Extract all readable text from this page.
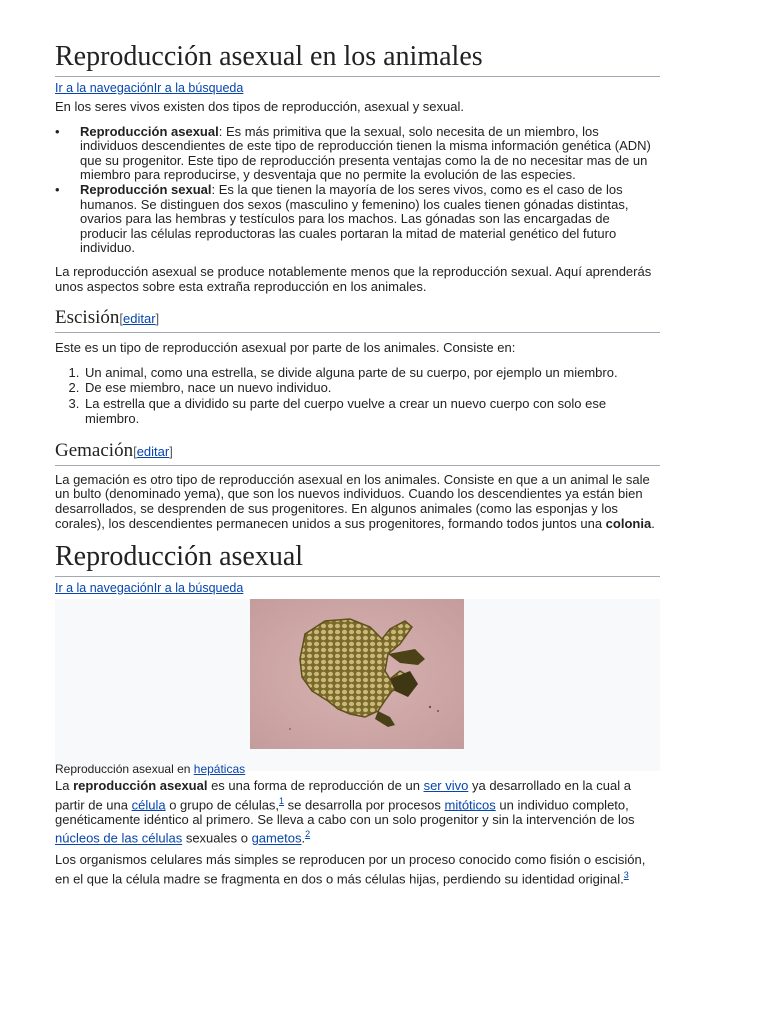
Reproducción asexual en los animales
Ir a la navegaciónIr a la búsqueda

En los seres vivos existen dos tipos de reproducción, asexual y sexual.

• Reproducción asexual: Es más primitiva que la sexual, solo necesita de un miembro, los individuos descendientes de este tipo de reproducción tienen la misma información genética (ADN) que su progenitor. Este tipo de reproducción presenta ventajas como la de no necesitar mas de un miembro para reproducirse, y desventaja que no permite la evolución de las especies.
• Reproducción sexual: Es la que tienen la mayoría de los seres vivos, como es el caso de los humanos. Se distinguen dos sexos (masculino y femenino) los cuales tienen gónadas distintas, ovarios para las hembras y testículos para los machos. Las gónadas son las encargadas de producir las células reproductoras las cuales portaran la mitad de material genético del futuro individuo.

La reproducción asexual se produce notablemente menos que la reproducción sexual. Aquí aprenderás unos aspectos sobre esta extraña reproducción en los animales.

Escisión[editar]

Este es un tipo de reproducción asexual por parte de los animales. Consiste en:

1. Un animal, como una estrella, se divide alguna parte de su cuerpo, por ejemplo un miembro.
2. De ese miembro, nace un nuevo individuo.
3. La estrella que a dividido su parte del cuerpo vuelve a crear un nuevo cuerpo con solo ese miembro.
Gemación[editar]

La gemación es otro tipo de reproducción asexual en los animales. Consiste en que a un animal le sale un bulto (denominado yema), que son los nuevos individuos. Cuando los descendientes ya están bien desarrollados, se desprenden de sus progenitores. En algunos animales (como las esponjas y los corales), los descendientes permanecen unidos a sus progenitores, formando todos juntos una colonia.

Reproducción asexual
Ir a la navegaciónIr a la búsqueda
Reproducción asexual en hepáticas

La reproducción asexual es una forma de reproducción de un ser vivo ya desarrollado en la cual a partir de una célula o grupo de células,$^1$ se desarrolla por procesos mitóticos un individuo completo, genéticamente idéntico al primero. Se lleva a cabo con un solo progenitor y sin la intervención de los núcleos de las células sexuales o gametos.$^2$

Los organismos celulares más simples se reproducen por un proceso conocido como fisión o escisión, en el que la célula madre se fragmenta en dos o más células hijas, perdiendo su identidad original.$^3$
